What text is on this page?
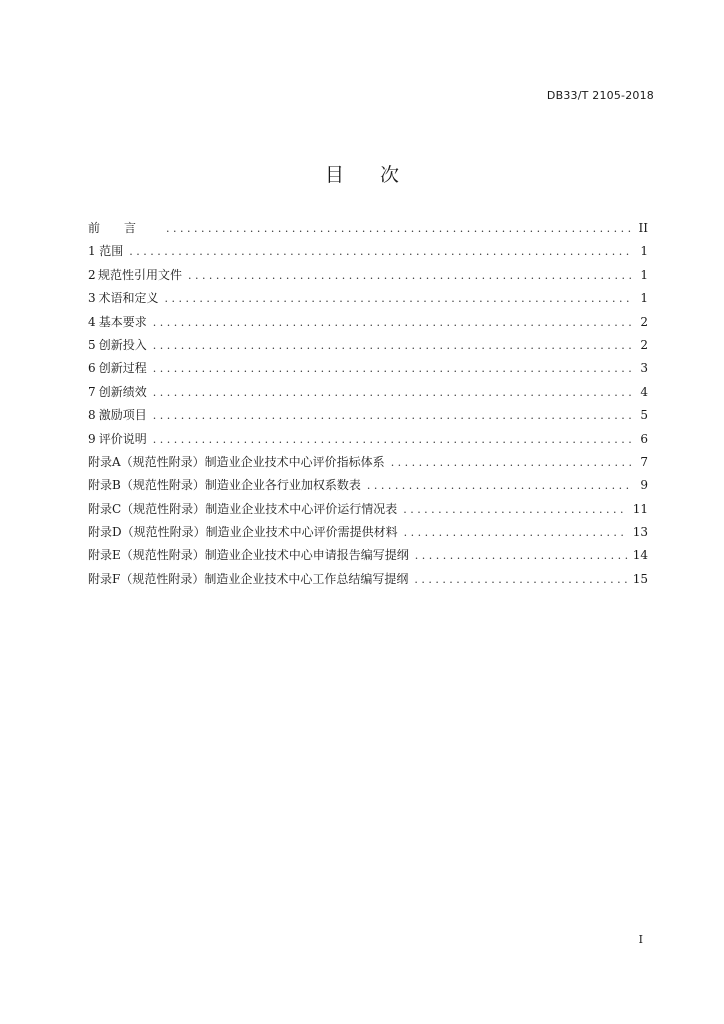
DB33/T 2105-2018
目次
前言 . . .	II
1 范围 . . .	1
2 规范性引用文件 . . .	1
3 术语和定义 . . .	1
4 基本要求 . . .	2
5 创新投入 . . .	2
6 创新过程 . . .	3
7 创新绩效 . . .	4
8 激励项目 . . .	5
9 评价说明 . . .	6
附录A（规范性附录） 制造业企业技术中心评价指标体系 . . .	7
附录B（规范性附录） 制造业企业各行业加权系数表 . . .	9
附录C（规范性附录） 制造业企业技术中心评价运行情况表 . . .	11
附录D（规范性附录） 制造业企业技术中心评价需提供材料 . . .	13
附录E（规范性附录） 制造业企业技术中心申请报告编写提纲 . . .	14
附录F（规范性附录） 制造业企业技术中心工作总结编写提纲 . . .	15
I
